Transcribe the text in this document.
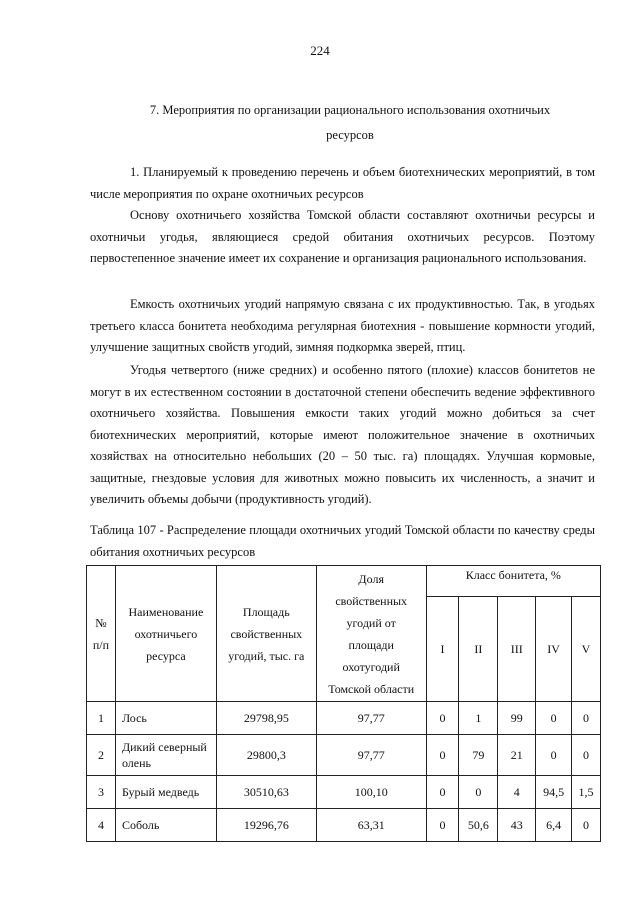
224
7. Мероприятия по организации рационального использования охотничьих
ресурсов
1. Планируемый к проведению перечень и объем биотехнических мероприятий, в том числе мероприятия по охране охотничьих ресурсов
Основу охотничьего хозяйства Томской области составляют охотничьи ресурсы и охотничьи угодья, являющиеся средой обитания охотничьих ресурсов. Поэтому первостепенное значение имеет их сохранение и организация рационального использования.
Емкость охотничьих угодий напрямую связана с их продуктивностью. Так, в угодьях третьего класса бонитета необходима регулярная биотехния - повышение кормности угодий, улучшение защитных свойств угодий, зимняя подкормка зверей, птиц.
Угодья четвертого (ниже средних) и особенно пятого (плохие) классов бонитетов не могут в их естественном состоянии в достаточной степени обеспечить ведение эффективного охотничьего хозяйства. Повышения емкости таких угодий можно добиться за счет биотехнических мероприятий, которые имеют положительное значение в охотничьих хозяйствах на относительно небольших (20 – 50 тыс. га) площадях. Улучшая кормовые, защитные, гнездовые условия для животных можно повысить их численность, а значит и увеличить объемы добычи (продуктивность угодий).
Таблица 107 - Распределение площади охотничьих угодий Томской области по качеству среды обитания охотничьих ресурсов
№ п/п	Наименование охотничьего ресурса	Площадь свойственных угодий, тыс. га	Доля свойственных угодий от площади охотугодий Томской области	Класс бонитета, %				
				I	II	III	IV	V
1	Лось	29798,95	97,77	0	1	99	0	0
2	Дикий северный олень	29800,3	97,77	0	79	21	0	0
3	Бурый медведь	30510,63	100,10	0	0	4	94,5	1,5
4	Соболь	19296,76	63,31	0	50,6	43	6,4	0
